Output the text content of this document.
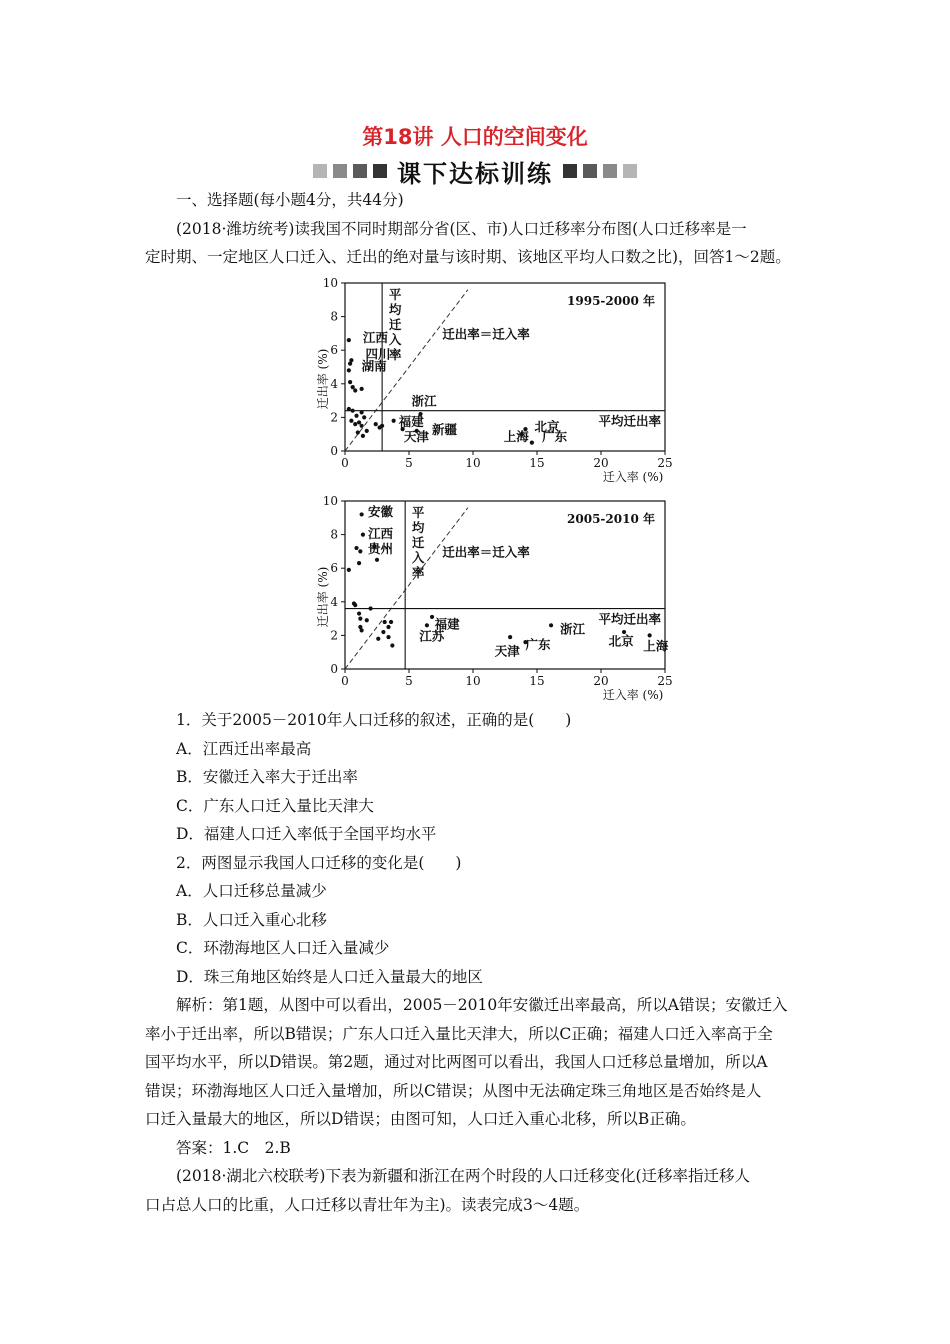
第18讲 人口的空间变化
课下达标训练
一、选择题(每小题4分，共44分)
(2018·潍坊统考)读我国不同时期部分省(区、市)人口迁移率分布图(人口迁移率是一
定时期、一定地区人口迁入、迁出的绝对量与该时期、该地区平均人口数之比)，回答1～2题。
迁出率 (%)
迁入率 (%)
0	5	10	15	20	25
0
2
4
6
8
10
平
均
迁
入
率
迁出率＝迁入率
平均迁出率
1995-2000 年
江西
四川
湖南
浙江
福建
天津 新疆	北京
上海 广东
迁出率 (%)
迁入率 (%)
0	5	10	15	20	25
0
2
4
6
8
10
平
均
迁
入
率
迁出率＝迁入率
平均迁出率
2005-2010 年
安徽
江西
贵州
福建
江苏
天津 广东
浙江
北京 上海
1．关于2005－2010年人口迁移的叙述，正确的是(　　)
A．江西迁出率最高
B．安徽迁入率大于迁出率
C．广东人口迁入量比天津大
D．福建人口迁入率低于全国平均水平
2．两图显示我国人口迁移的变化是(　　)
A．人口迁移总量减少
B．人口迁入重心北移
C．环渤海地区人口迁入量减少
D．珠三角地区始终是人口迁入量最大的地区
解析：第1题，从图中可以看出，2005－2010年安徽迁出率最高，所以A错误；安徽迁入
率小于迁出率，所以B错误；广东人口迁入量比天津大，所以C正确；福建人口迁入率高于全
国平均水平，所以D错误。第2题，通过对比两图可以看出，我国人口迁移总量增加，所以A
错误；环渤海地区人口迁入量增加，所以C错误；从图中无法确定珠三角地区是否始终是人
口迁入量最大的地区，所以D错误；由图可知，人口迁入重心北移，所以B正确。
答案：1.C　2.B
(2018·湖北六校联考)下表为新疆和浙江在两个时段的人口迁移变化(迁移率指迁移人
口占总人口的比重，人口迁移以青壮年为主)。读表完成3～4题。
